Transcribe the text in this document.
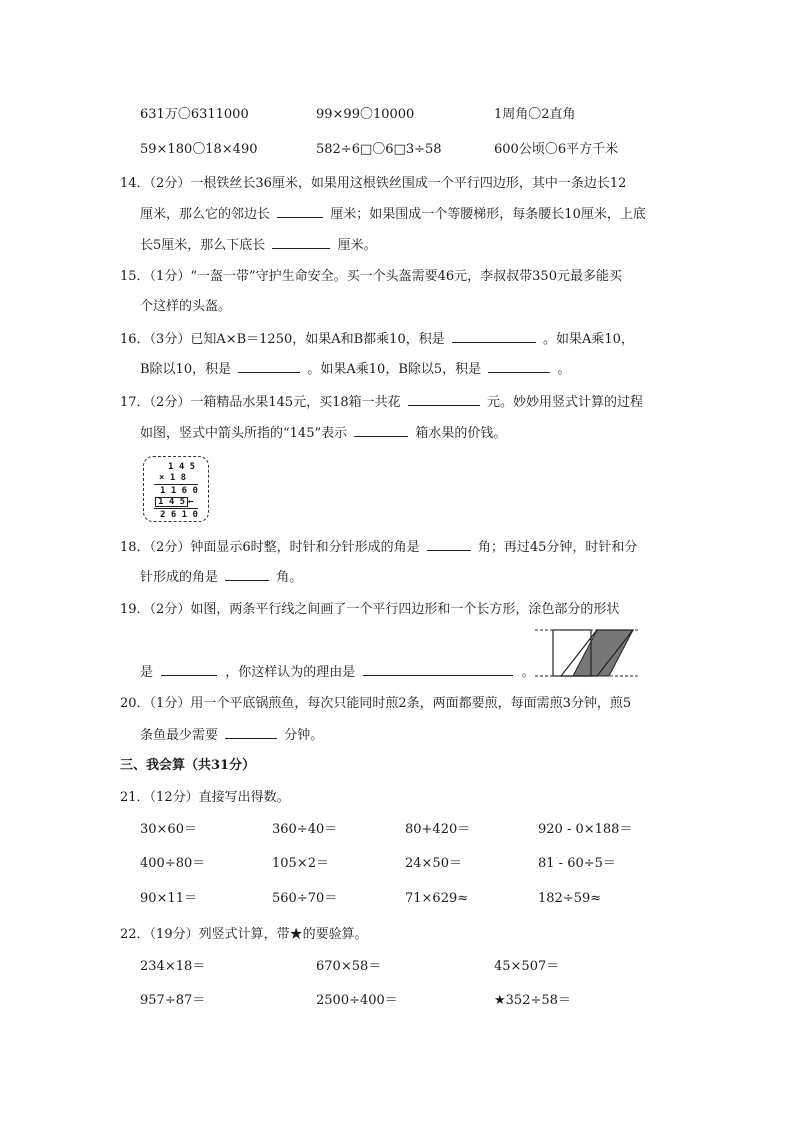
631万〇6311000	99×99〇10000	1周角〇2直角
59×180〇18×490	582÷6□〇6□3÷58	600公顷〇6平方千米
14．（2分）一根铁丝长36厘米，如果用这根铁丝围成一个平行四边形，其中一条边长12
厘米，那么它的邻边长	厘米；如果围成一个等腰梯形，每条腰长10厘米，上底
长5厘米，那么下底长	厘米。
15．（1分）“一盔一带”守护生命安全。买一个头盔需要46元，李叔叔带350元最多能买
个这样的头盔。
16．（3分）已知A×B＝1250，如果A和B都乘10，积是	。如果A乘10，
B除以10，积是	。如果A乘10，B除以5，积是	。
17．（2分）一箱精品水果145元，买18箱一共花	元。妙妙用竖式计算的过程
如图，竖式中箭头所指的“145”表示	箱水果的价钱。
1 4 5
× 1 8
1 1 6 0
1 4 5 ←
2 6 1 0
18．（2分）钟面显示6时整，时针和分针形成的角是	角；再过45分钟，时针和分
针形成的角是	角。
19．（2分）如图，两条平行线之间画了一个平行四边形和一个长方形，涂色部分的形状
是	，你这样认为的理由是	。
20．（1分）用一个平底锅煎鱼，每次只能同时煎2条，两面都要煎，每面需煎3分钟，煎5
条鱼最少需要	分钟。
三、我会算（共31分）
21．（12分）直接写出得数。
30×60＝	360÷40＝	80+420＝	920 - 0×188＝
400÷80＝	105×2＝	24×50＝	81 - 60÷5＝
90×11＝	560÷70＝	71×629≈	182÷59≈
22．（19分）列竖式计算，带★的要验算。
234×18＝	670×58＝	45×507＝
957÷87＝	2500÷400＝	★352÷58＝
